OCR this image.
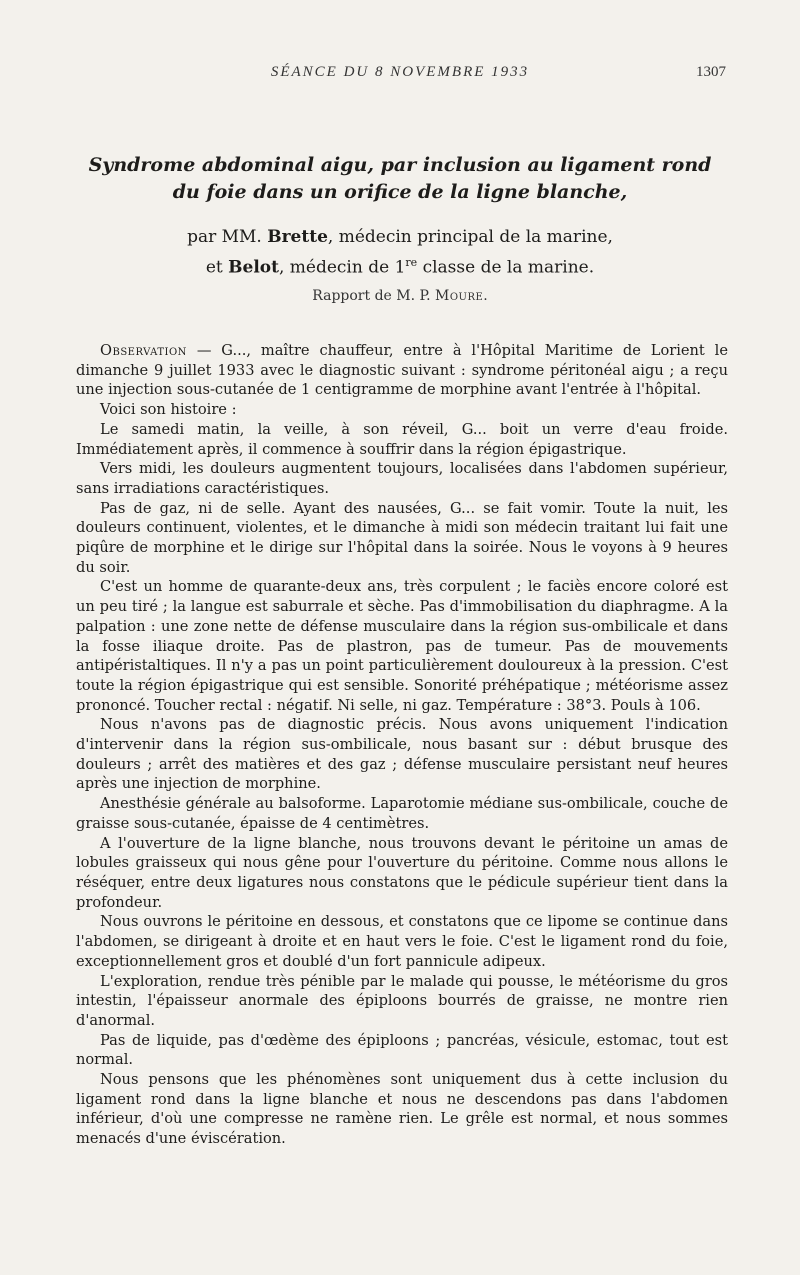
SÉANCE DU 8 NOVEMBRE 1933	1307
Syndrome abdominal aigu, par inclusion au ligament rond
du foie dans un orifice de la ligne blanche,
par MM. Brette, médecin principal de la marine,
et Belot, médecin de 1re classe de la marine.
Rapport de M. P. Moure.

Observation — G..., maître chauffeur, entre à l'Hôpital Maritime de Lorient le dimanche 9 juillet 1933 avec le diagnostic suivant : syndrome péritonéal aigu ; a reçu une injection sous-cutanée de 1 centigramme de morphine avant l'entrée à l'hôpital.

Voici son histoire :

Le samedi matin, la veille, à son réveil, G... boit un verre d'eau froide. Immédiatement après, il commence à souffrir dans la région épigastrique.

Vers midi, les douleurs augmentent toujours, localisées dans l'abdomen supérieur, sans irradiations caractéristiques.

Pas de gaz, ni de selle. Ayant des nausées, G... se fait vomir. Toute la nuit, les douleurs continuent, violentes, et le dimanche à midi son médecin traitant lui fait une piqûre de morphine et le dirige sur l'hôpital dans la soirée. Nous le voyons à 9 heures du soir.

C'est un homme de quarante-deux ans, très corpulent ; le faciès encore coloré est un peu tiré ; la langue est saburrale et sèche. Pas d'immobilisation du diaphragme. A la palpation : une zone nette de défense musculaire dans la région sus-ombilicale et dans la fosse iliaque droite. Pas de plastron, pas de tumeur. Pas de mouvements antipéristaltiques. Il n'y a pas un point particulièrement douloureux à la pression. C'est toute la région épigastrique qui est sensible. Sonorité préhépatique ; météorisme assez prononcé. Toucher rectal : négatif. Ni selle, ni gaz. Température : 38°3. Pouls à 106.

Nous n'avons pas de diagnostic précis. Nous avons uniquement l'indication d'intervenir dans la région sus-ombilicale, nous basant sur : début brusque des douleurs ; arrêt des matières et des gaz ; défense musculaire persistant neuf heures après une injection de morphine.

Anesthésie générale au balsoforme. Laparotomie médiane sus-ombilicale, couche de graisse sous-cutanée, épaisse de 4 centimètres.

A l'ouverture de la ligne blanche, nous trouvons devant le péritoine un amas de lobules graisseux qui nous gêne pour l'ouverture du péritoine. Comme nous allons le réséquer, entre deux ligatures nous constatons que le pédicule supérieur tient dans la profondeur.

Nous ouvrons le péritoine en dessous, et constatons que ce lipome se continue dans l'abdomen, se dirigeant à droite et en haut vers le foie. C'est le ligament rond du foie, exceptionnellement gros et doublé d'un fort pannicule adipeux.

L'exploration, rendue très pénible par le malade qui pousse, le météorisme du gros intestin, l'épaisseur anormale des épiploons bourrés de graisse, ne montre rien d'anormal.

Pas de liquide, pas d'œdème des épiploons ; pancréas, vésicule, estomac, tout est normal.

Nous pensons que les phénomènes sont uniquement dus à cette inclusion du ligament rond dans la ligne blanche et nous ne descendons pas dans l'abdomen inférieur, d'où une compresse ne ramène rien. Le grêle est normal, et nous sommes menacés d'une éviscération.
